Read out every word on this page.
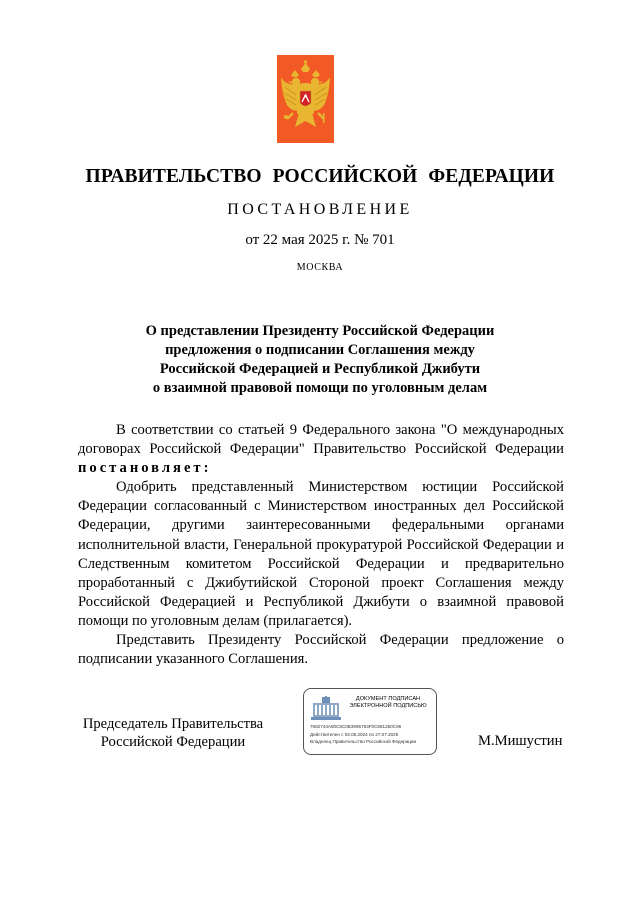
ПРАВИТЕЛЬСТВО РОССИЙСКОЙ ФЕДЕРАЦИИ
ПОСТАНОВЛЕНИЕ
от 22 мая 2025 г. № 701
МОСКВА
О представлении Президенту Российской Федерации
предложения о подписании Соглашения между
Российской Федерацией и Республикой Джибути
о взаимной правовой помощи по уголовным делам

В соответствии со статьей 9 Федерального закона "О международных договорах Российской Федерации" Правительство Российской Федерации постановляет:

Одобрить представленный Министерством юстиции Российской Федерации согласованный с Министерством иностранных дел Российской Федерации, другими заинтересованными федеральными органами исполнительной власти, Генеральной прокуратурой Российской Федерации и Следственным комитетом Российской Федерации и предварительно проработанный с Джибутийской Стороной проект Соглашения между Российской Федерацией и Республикой Джибути о взаимной правовой помощи по уголовным делам (прилагается).

Представить Президенту Российской Федерации предложение о подписании указанного Соглашения.

Председатель Правительства
Российской Федерации
ДОКУМЕНТ ПОДПИСАН
ЭЛЕКТРОННОЙ ПОДПИСЬЮ
7682744A80C8C0B3996783F0C881250C96
Действителен с 03.05.2024 по 27.07.2025
Владелец Правительство Российской Федерации	М.Мишустин
